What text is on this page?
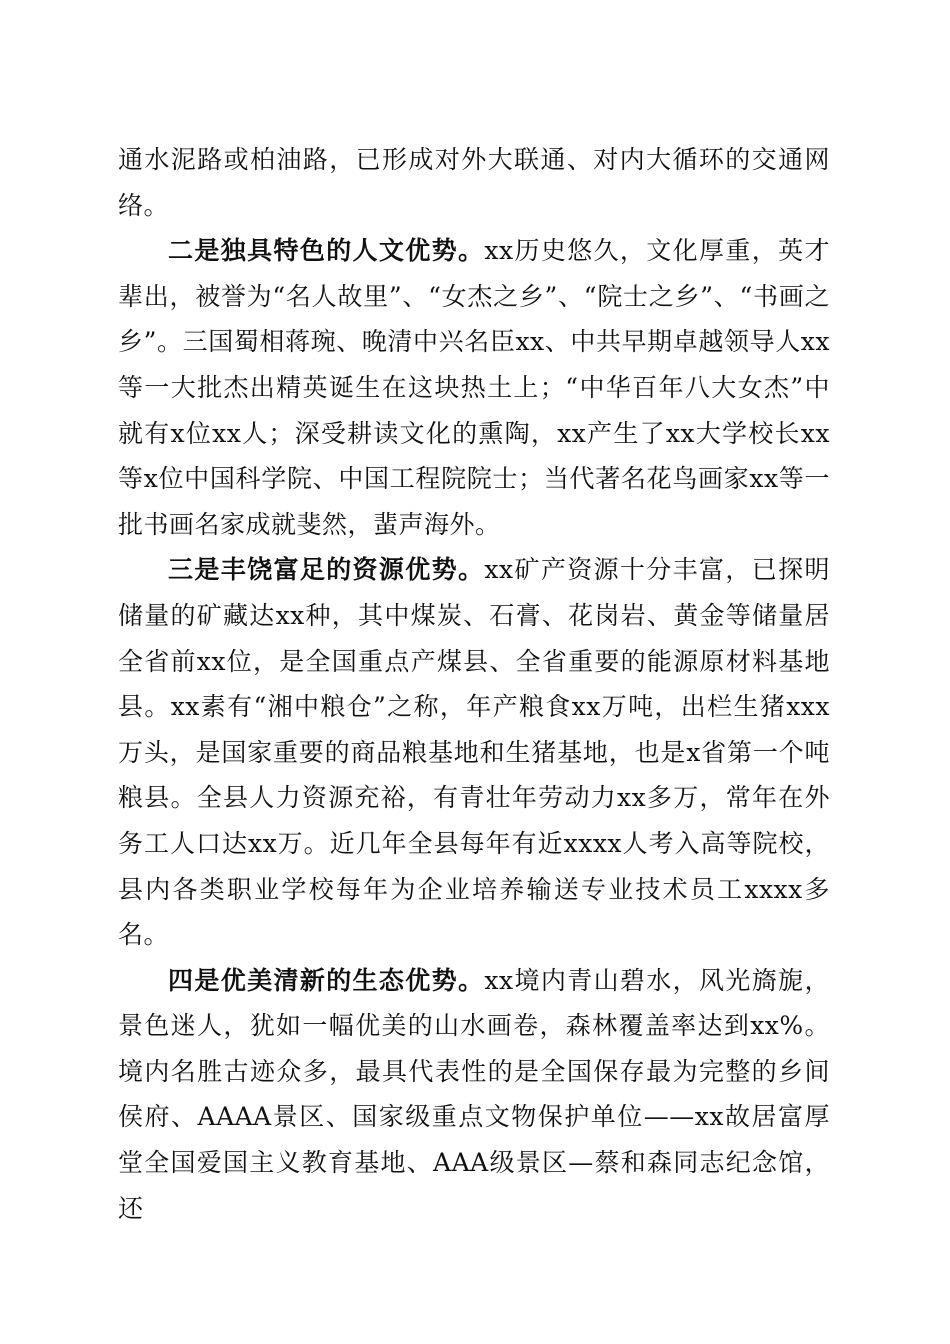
通水泥路或柏油路，已形成对外大联通、对内大循环的交通网络。

二是独具特色的人文优势。xx历史悠久，文化厚重，英才辈出，被誉为“名人故里”、“女杰之乡”、“院士之乡”、“书画之乡”。三国蜀相蒋琬、晚清中兴名臣xx、中共早期卓越领导人xx等一大批杰出精英诞生在这块热土上；“中华百年八大女杰”中就有x位xx人；深受耕读文化的熏陶，xx产生了xx大学校长xx等x位中国科学院、中国工程院院士；当代著名花鸟画家xx等一批书画名家成就斐然，蜚声海外。

三是丰饶富足的资源优势。xx矿产资源十分丰富，已探明储量的矿藏达xx种，其中煤炭、石膏、花岗岩、黄金等储量居全省前xx位，是全国重点产煤县、全省重要的能源原材料基地县。xx素有“湘中粮仓”之称，年产粮食xx万吨，出栏生猪xxx万头，是国家重要的商品粮基地和生猪基地，也是x省第一个吨粮县。全县人力资源充裕，有青壮年劳动力xx多万，常年在外务工人口达xx万。近几年全县每年有近xxxx人考入高等院校，县内各类职业学校每年为企业培养输送专业技术员工xxxx多名。

四是优美清新的生态优势。xx境内青山碧水，风光旖旎，景色迷人，犹如一幅优美的山水画卷，森林覆盖率达到xx%。境内名胜古迹众多，最具代表性的是全国保存最为完整的乡间侯府、AAAA景区、国家级重点文物保护单位——xx故居富厚堂全国爱国主义教育基地、AAA级景区—蔡和森同志纪念馆，还
